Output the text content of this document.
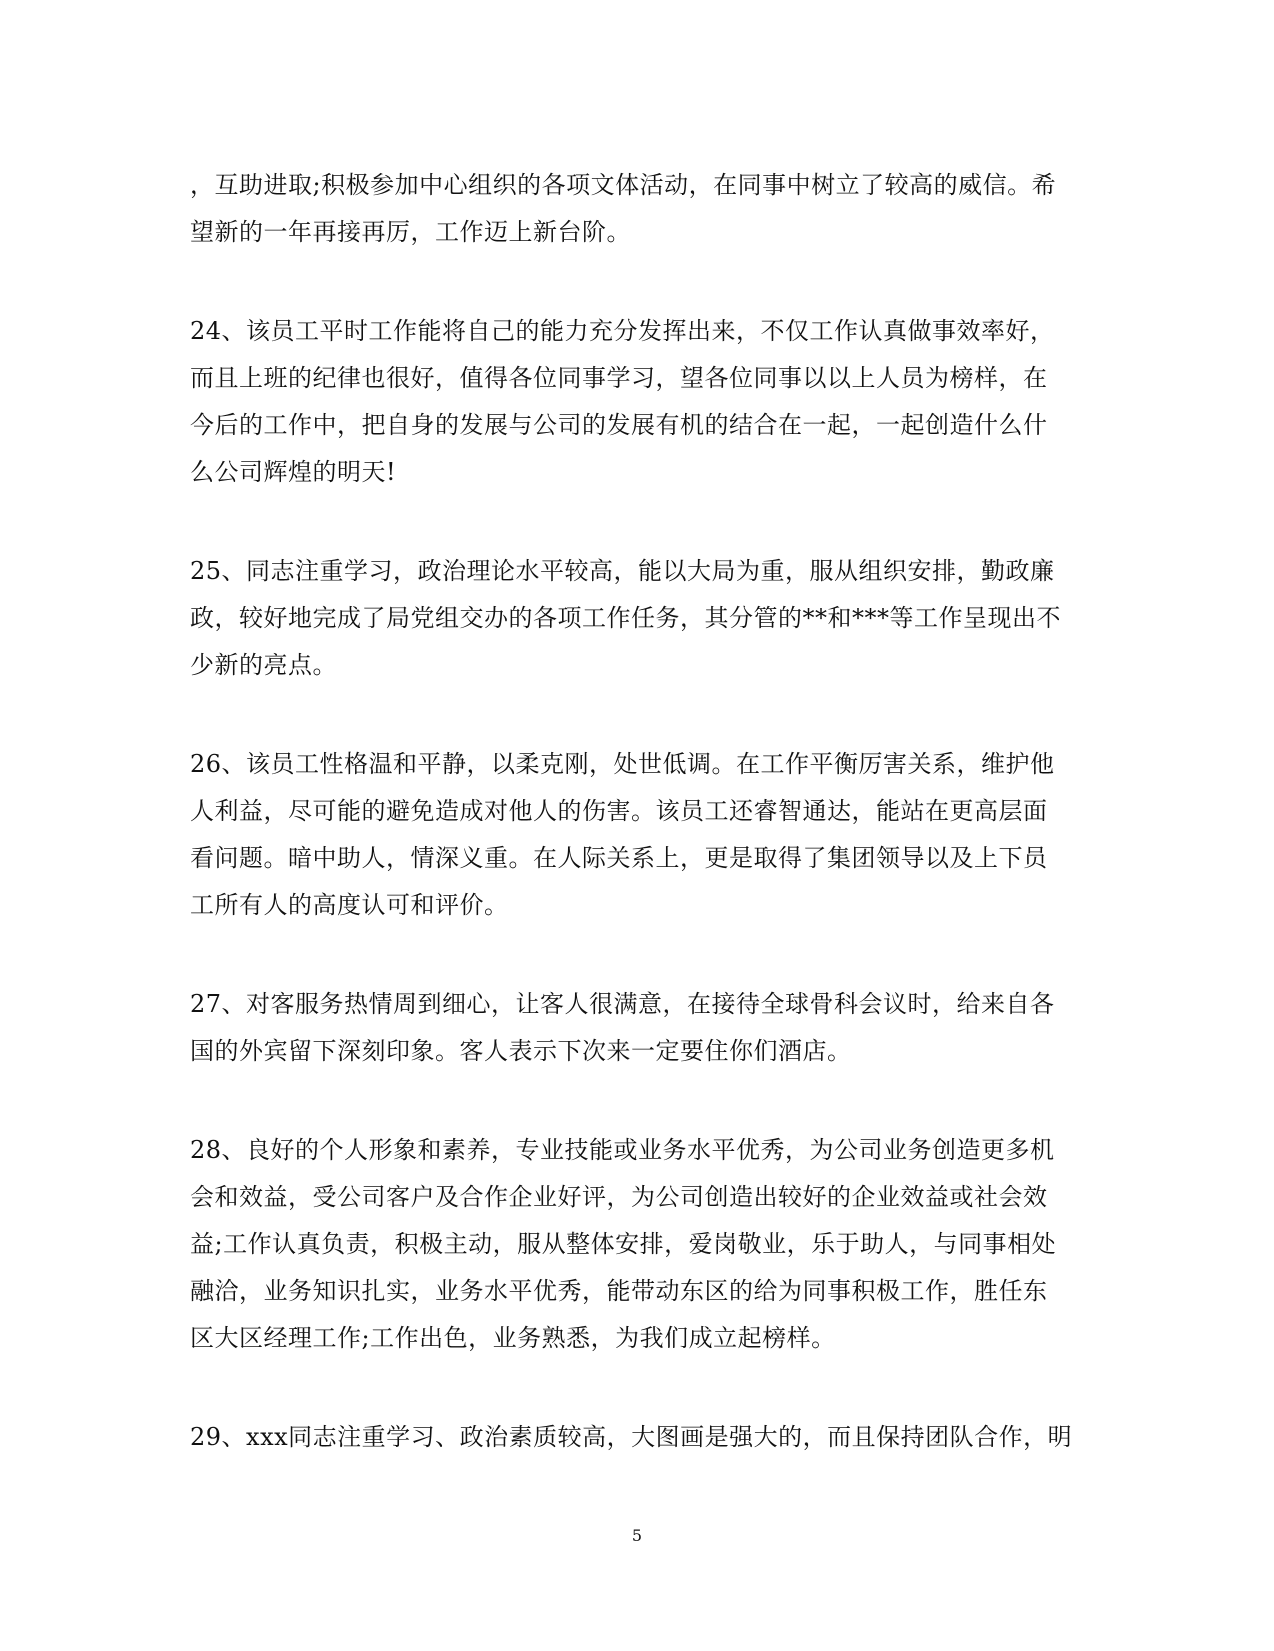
，互助进取;积极参加中心组织的各项文体活动，在同事中树立了较高的威信。希
望新的一年再接再厉，工作迈上新台阶。

24、该员工平时工作能将自己的能力充分发挥出来，不仅工作认真做事效率好，
而且上班的纪律也很好，值得各位同事学习，望各位同事以以上人员为榜样，在
今后的工作中，把自身的发展与公司的发展有机的结合在一起，一起创造什么什
么公司辉煌的明天!

25、同志注重学习，政治理论水平较高，能以大局为重，服从组织安排，勤政廉
政，较好地完成了局党组交办的各项工作任务，其分管的**和***等工作呈现出不
少新的亮点。

26、该员工性格温和平静，以柔克刚，处世低调。在工作平衡厉害关系，维护他
人利益，尽可能的避免造成对他人的伤害。该员工还睿智通达，能站在更高层面
看问题。暗中助人，情深义重。在人际关系上，更是取得了集团领导以及上下员
工所有人的高度认可和评价。

27、对客服务热情周到细心，让客人很满意，在接待全球骨科会议时，给来自各
国的外宾留下深刻印象。客人表示下次来一定要住你们酒店。

28、良好的个人形象和素养，专业技能或业务水平优秀，为公司业务创造更多机
会和效益，受公司客户及合作企业好评，为公司创造出较好的企业效益或社会效
益;工作认真负责，积极主动，服从整体安排，爱岗敬业，乐于助人，与同事相处
融洽，业务知识扎实，业务水平优秀，能带动东区的给为同事积极工作，胜任东
区大区经理工作;工作出色，业务熟悉，为我们成立起榜样。

29、xxx同志注重学习、政治素质较高，大图画是强大的，而且保持团队合作，明

5
